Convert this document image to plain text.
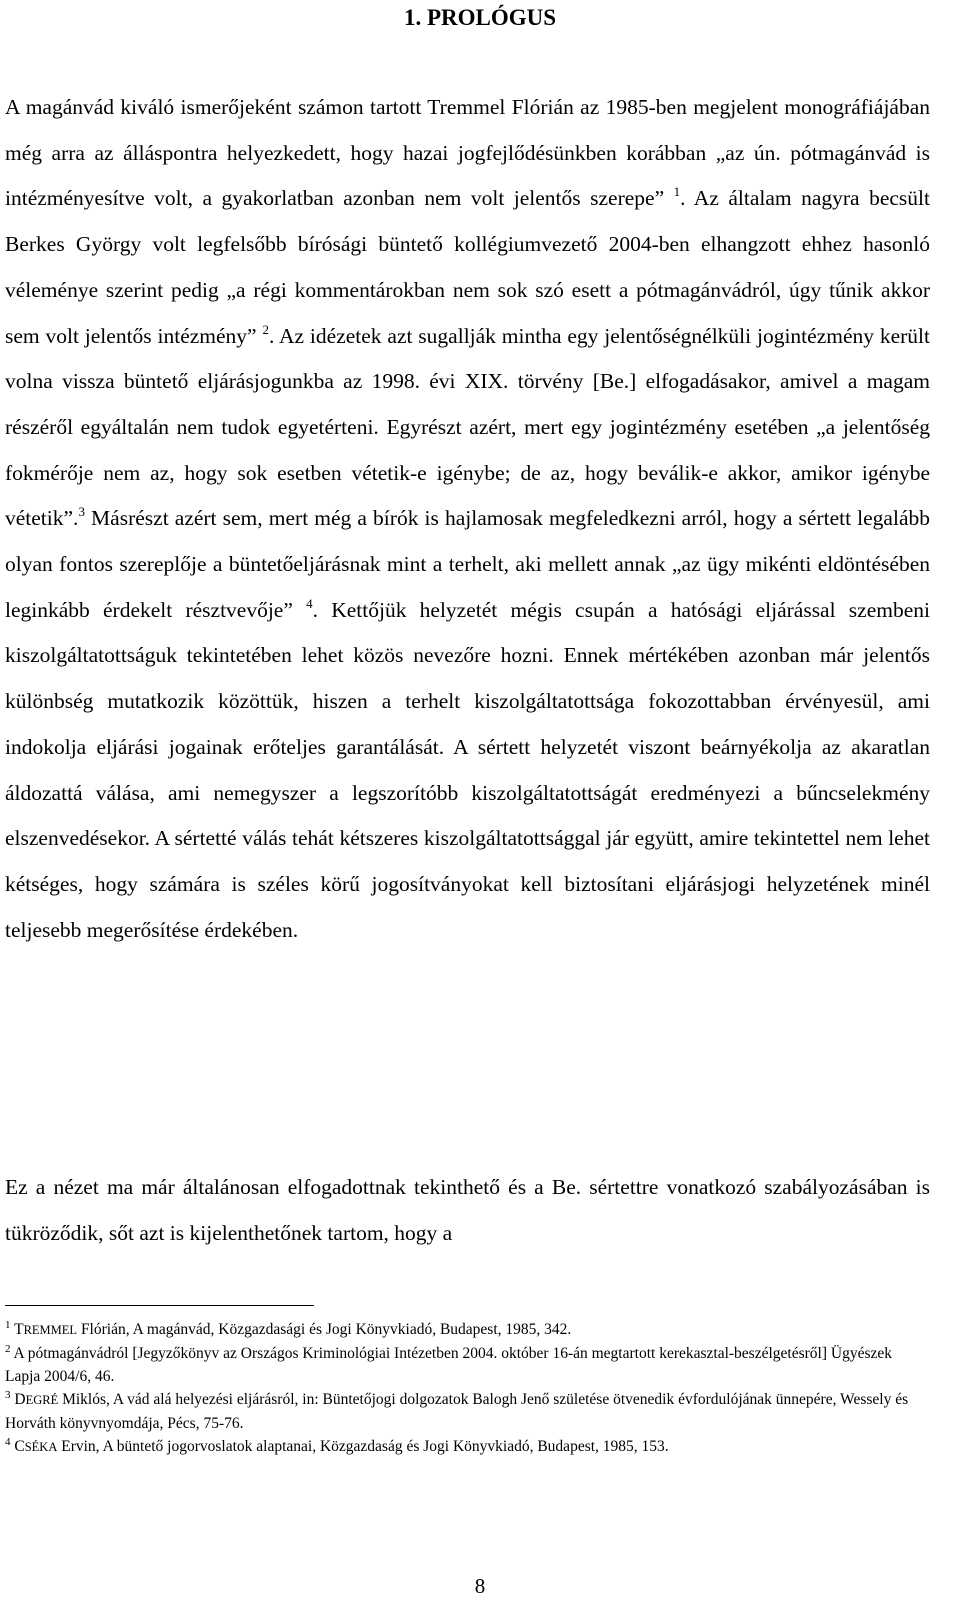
1. PROLÓGUS
A magánvád kiváló ismerőjeként számon tartott Tremmel Flórián az 1985-ben megjelent monográfiájában még arra az álláspontra helyezkedett, hogy hazai jogfejlődésünkben korábban „az ún. pótmagánvád is intézményesítve volt, a gyakorlatban azonban nem volt jelentős szerepe” $^1$. Az általam nagyra becsült Berkes György volt legfelsőbb bírósági büntető kollégiumvezető 2004-ben elhangzott ehhez hasonló véleménye szerint pedig „a régi kommentárokban nem sok szó esett a pótmagánvádról, úgy tűnik akkor sem volt jelentős intézmény” $^2$. Az idézetek azt sugallják mintha egy jelentőségnélküli jogintézmény került volna vissza büntető eljárásjogunkba az 1998. évi XIX. törvény [Be.] elfogadásakor, amivel a magam részéről egyáltalán nem tudok egyetérteni. Egyrészt azért, mert egy jogintézmény esetében „a jelentőség fokmérője nem az, hogy sok esetben vétetik-e igénybe; de az, hogy beválik-e akkor, amikor igénybe vétetik”.$^3$ Másrészt azért sem, mert még a bírók is hajlamosak megfeledkezni arról, hogy a sértett legalább olyan fontos szereplője a büntetőeljárásnak mint a terhelt, aki mellett annak „az ügy mikénti eldöntésében leginkább érdekelt résztvevője” $^4$. Kettőjük helyzetét mégis csupán a hatósági eljárással szembeni kiszolgáltatottságuk tekintetében lehet közös nevezőre hozni. Ennek mértékében azonban már jelentős különbség mutatkozik közöttük, hiszen a terhelt kiszolgáltatottsága fokozottabban érvényesül, ami indokolja eljárási jogainak erőteljes garantálását. A sértett helyzetét viszont beárnyékolja az akaratlan áldozattá válása, ami nemegyszer a legszorítóbb kiszolgáltatottságát eredményezi a bűncselekmény elszenvedésekor. A sértetté válás tehát kétszeres kiszolgáltatottsággal jár együtt, amire tekintettel nem lehet kétséges, hogy számára is széles körű jogosítványokat kell biztosítani eljárásjogi helyzetének minél teljesebb megerősítése érdekében.
Ez a nézet ma már általánosan elfogadottnak tekinthető és a Be. sértettre vonatkozó szabályozásában is tükröződik, sőt azt is kijelenthetőnek tartom, hogy a

$^1$ TREMMEL Flórián, A magánvád, Közgazdasági és Jogi Könyvkiadó, Budapest, 1985, 342.

$^2$ A pótmagánvádról [Jegyzőkönyv az Országos Kriminológiai Intézetben 2004. október 16-án megtartott kerekasztal-beszélgetésről] Ügyészek Lapja 2004/6, 46.

$^3$ DEGRÉ Miklós, A vád alá helyezési eljárásról, in: Büntetőjogi dolgozatok Balogh Jenő születése ötvenedik évfordulójának ünnepére, Wessely és Horváth könyvnyomdája, Pécs, 75-76.

$^4$ CSÉKA Ervin, A büntető jogorvoslatok alaptanai, Közgazdaság és Jogi Könyvkiadó, Budapest, 1985, 153.

8
